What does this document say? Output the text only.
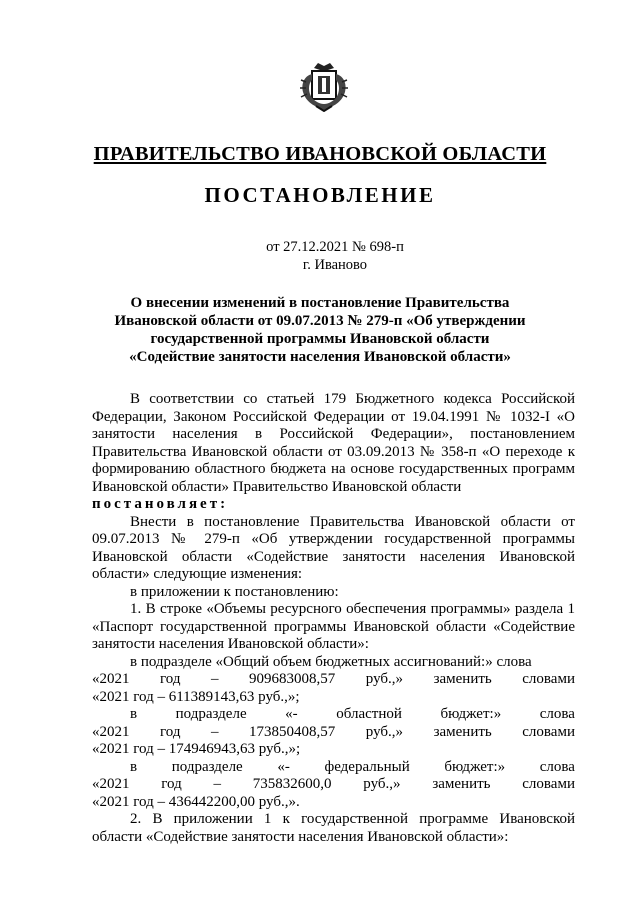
ПРАВИТЕЛЬСТВО ИВАНОВСКОЙ ОБЛАСТИ
ПОСТАНОВЛЕНИЕ
от 27.12.2021 № 698-п
г. Иваново
О внесении изменений в постановление Правительства Ивановской области от 09.07.2013 № 279-п «Об утверждении государственной программы Ивановской области «Содействие занятости населения Ивановской области»

В соответствии со статьей 179 Бюджетного кодекса Российской Федерации, Законом Российской Федерации от 19.04.1991 № 1032-I «О занятости населения в Российской Федерации», постановлением Правительства Ивановской области от 03.09.2013 № 358-п «О переходе к формированию областного бюджета на основе государственных программ Ивановской области» Правительство Ивановской области

постановляет:

Внести в постановление Правительства Ивановской области от 09.07.2013 № 279-п «Об утверждении государственной программы Ивановской области «Содействие занятости населения Ивановской области» следующие изменения:

в приложении к постановлению:

1. В строке «Объемы ресурсного обеспечения программы» раздела 1 «Паспорт государственной программы Ивановской области «Содействие занятости населения Ивановской области»:

в подразделе «Общий объем бюджетных ассигнований:» слова

«2021 год – 909683008,57 руб.,» заменить словами

«2021 год – 611389143,63 руб.,»;

в	подразделе	«-	областной	бюджет:»	слова
«2021 год – 173850408,57 руб.,» заменить словами

«2021 год – 174946943,63 руб.,»;

в подразделе «- федеральный бюджет:» слова
«2021 год – 735832600,0 руб.,» заменить словами

«2021 год – 436442200,00 руб.,».

2. В приложении 1 к государственной программе Ивановской области «Содействие занятости населения Ивановской области»:
